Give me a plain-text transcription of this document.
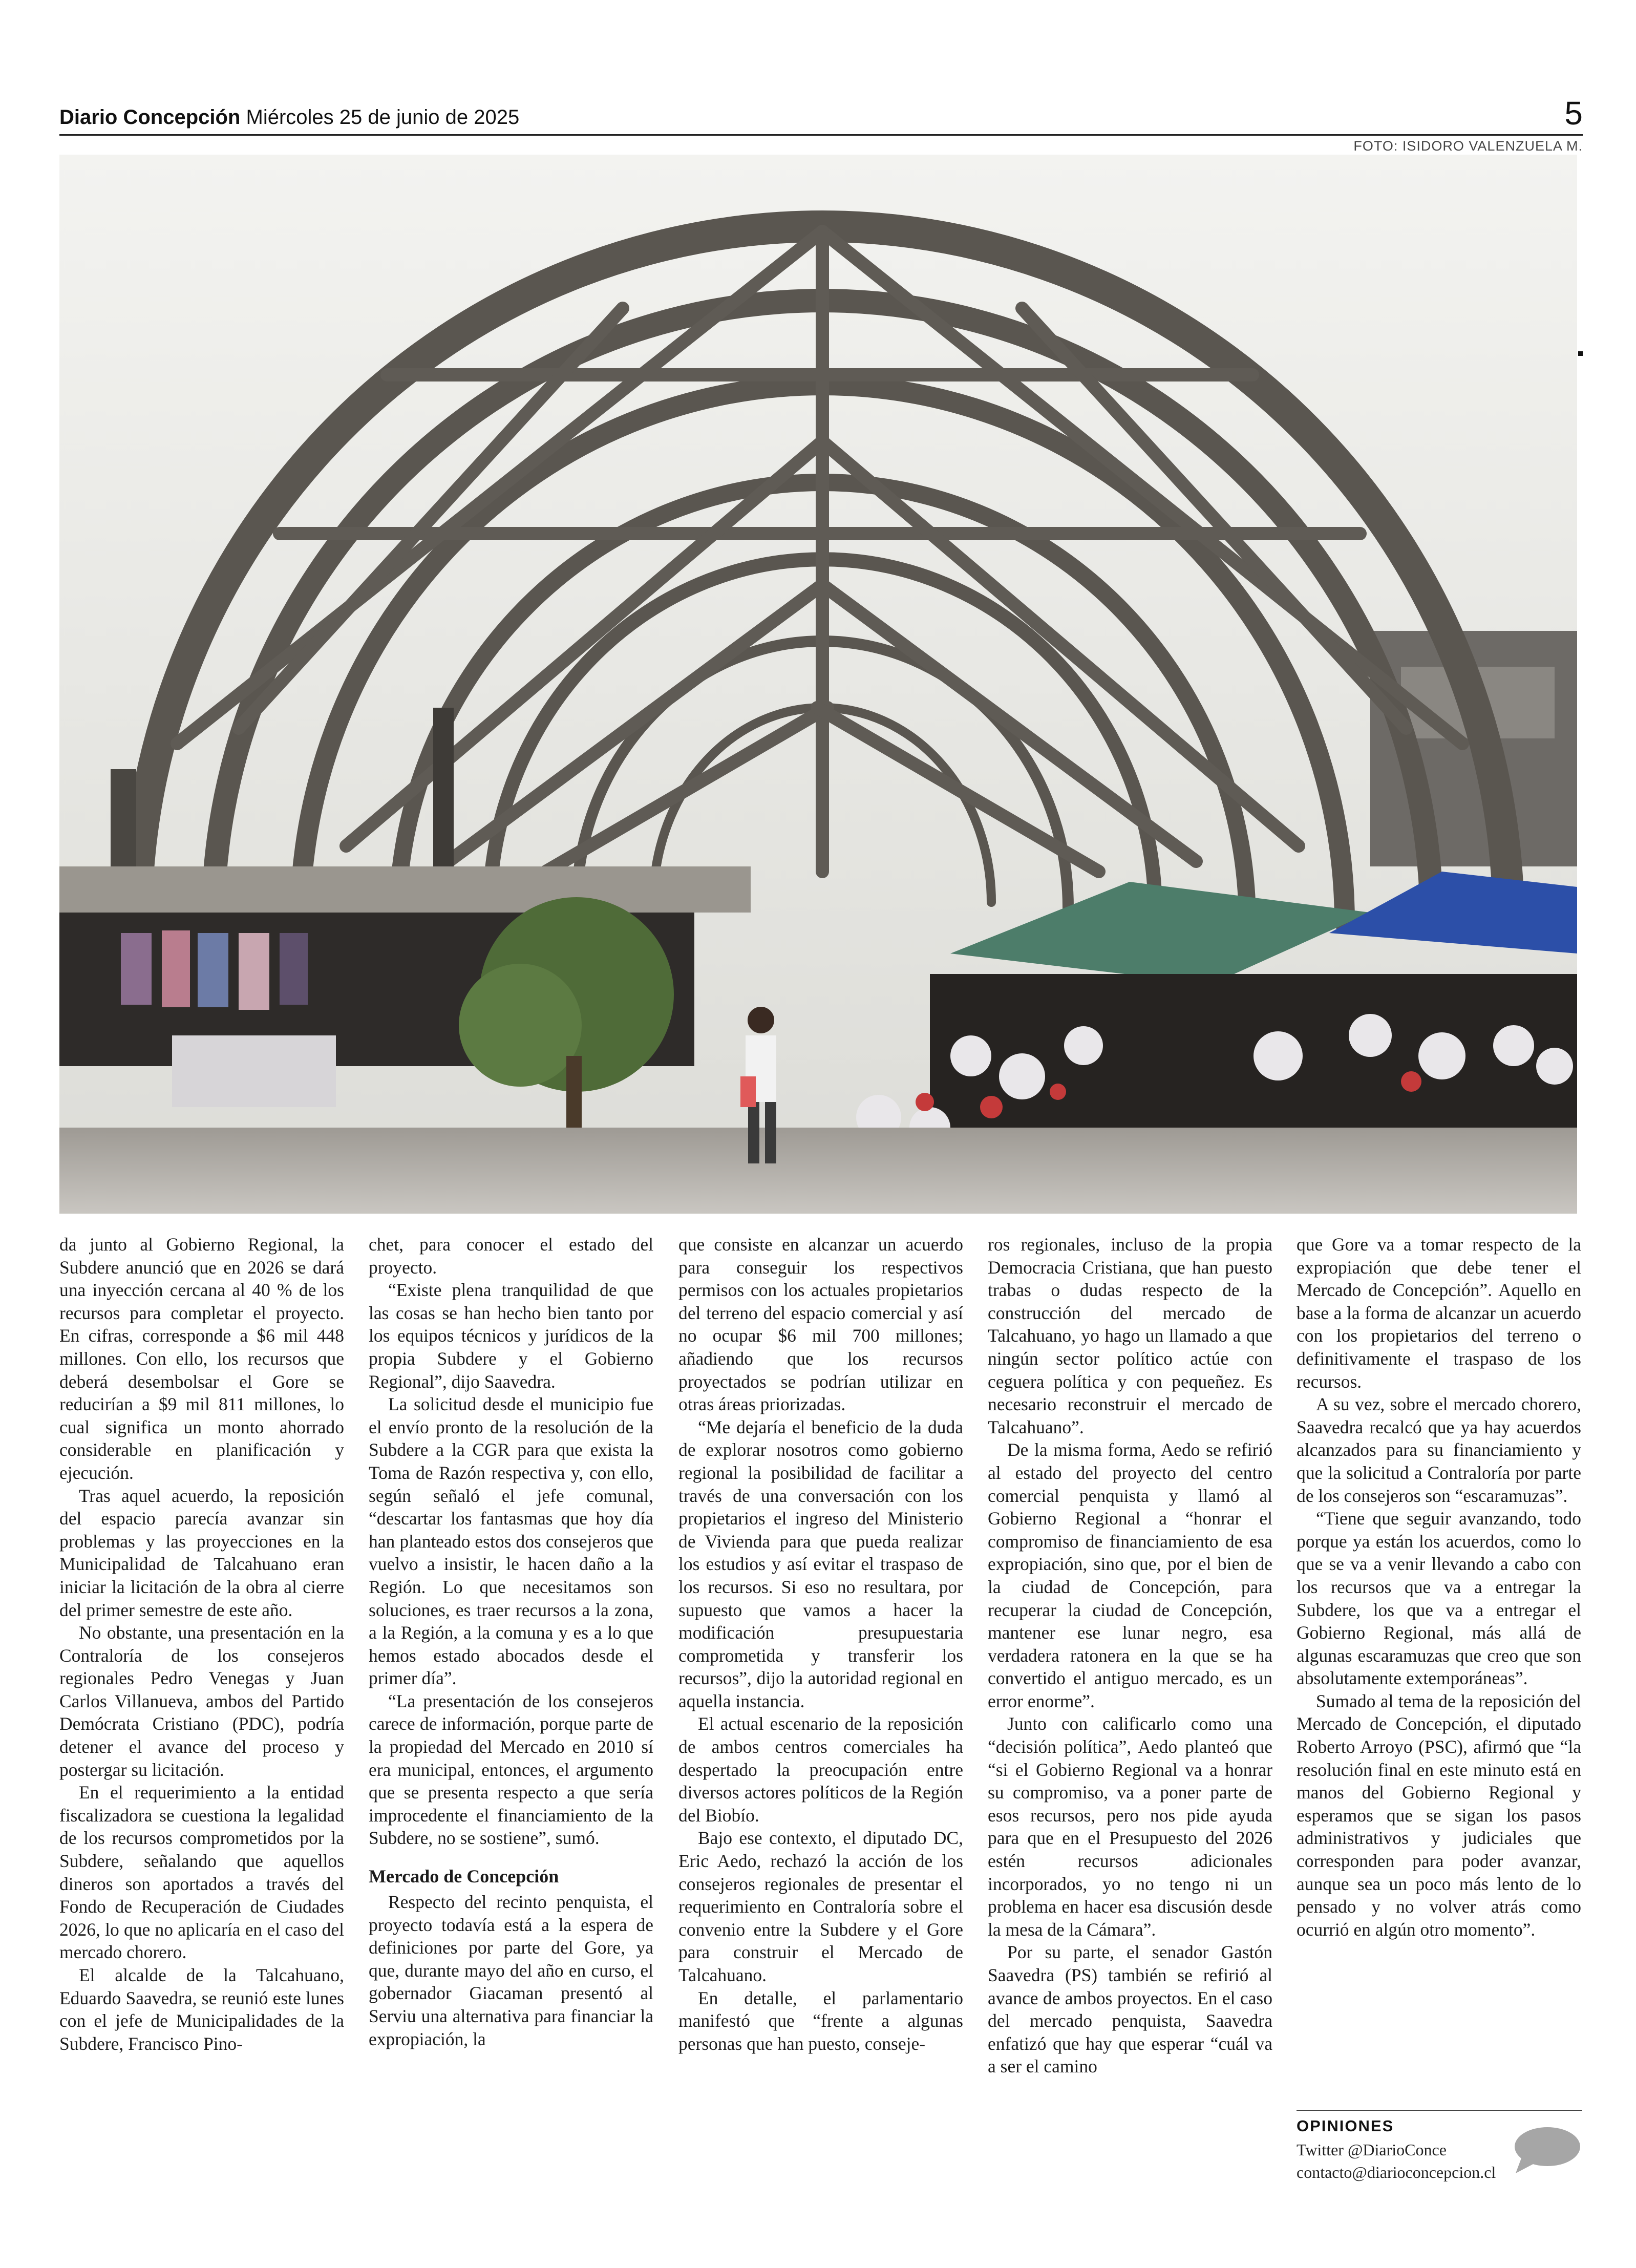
Diario Concepción Miércoles 25 de junio de 2025	5
FOTO: ISIDORO VALENZUELA M.

da junto al Gobierno Regional, la Subdere anunció que en 2026 se dará una inyección cercana al 40 % de los recursos para completar el proyecto. En cifras, corresponde a $6 mil 448 millones. Con ello, los recursos que deberá desembolsar el Gore se reducirían a $9 mil 811 millones, lo cual significa un monto ahorrado considerable en planificación y ejecución.

Tras aquel acuerdo, la reposición del espacio parecía avanzar sin problemas y las proyecciones en la Municipalidad de Talcahuano eran iniciar la licitación de la obra al cierre del primer semestre de este año.

No obstante, una presentación en la Contraloría de los consejeros regionales Pedro Venegas y Juan Carlos Villanueva, ambos del Partido Demócrata Cristiano (PDC), podría detener el avance del proceso y postergar su licitación.

En el requerimiento a la entidad fiscalizadora se cuestiona la legalidad de los recursos comprometidos por la Subdere, señalando que aquellos dineros son aportados a través del Fondo de Recuperación de Ciudades 2026, lo que no aplicaría en el caso del mercado chorero.

El alcalde de la Talcahuano, Eduardo Saavedra, se reunió este lunes con el jefe de Municipalidades de la Subdere, Francisco Pino-

chet, para conocer el estado del proyecto.

“Existe plena tranquilidad de que las cosas se han hecho bien tanto por los equipos técnicos y jurídicos de la propia Subdere y el Gobierno Regional”, dijo Saavedra.

La solicitud desde el municipio fue el envío pronto de la resolución de la Subdere a la CGR para que exista la Toma de Razón respectiva y, con ello, según señaló el jefe comunal, “descartar los fantasmas que hoy día han planteado estos dos consejeros que vuelvo a insistir, le hacen daño a la Región. Lo que necesitamos son soluciones, es traer recursos a la zona, a la Región, a la comuna y es a lo que hemos estado abocados desde el primer día”.

“La presentación de los consejeros carece de información, porque parte de la propiedad del Mercado en 2010 sí era municipal, entonces, el argumento que se presenta respecto a que sería improcedente el financiamiento de la Subdere, no se sostiene”, sumó.

Mercado de Concepción

Respecto del recinto penquista, el proyecto todavía está a la espera de definiciones por parte del Gore, ya que, durante mayo del año en curso, el gobernador Giacaman presentó al Serviu una alternativa para financiar la expropiación, la

que consiste en alcanzar un acuerdo para conseguir los respectivos permisos con los actuales propietarios del terreno del espacio comercial y así no ocupar $6 mil 700 millones; añadiendo que los recursos proyectados se podrían utilizar en otras áreas priorizadas.

“Me dejaría el beneficio de la duda de explorar nosotros como gobierno regional la posibilidad de facilitar a través de una conversación con los propietarios el ingreso del Ministerio de Vivienda para que pueda realizar los estudios y así evitar el traspaso de los recursos. Si eso no resultara, por supuesto que vamos a hacer la modificación presupuestaria comprometida y transferir los recursos”, dijo la autoridad regional en aquella instancia.

El actual escenario de la reposición de ambos centros comerciales ha despertado la preocupación entre diversos actores políticos de la Región del Biobío.

Bajo ese contexto, el diputado DC, Eric Aedo, rechazó la acción de los consejeros regionales de presentar el requerimiento en Contraloría sobre el convenio entre la Subdere y el Gore para construir el Mercado de Talcahuano.

En detalle, el parlamentario manifestó que “frente a algunas personas que han puesto, conseje-

ros regionales, incluso de la propia Democracia Cristiana, que han puesto trabas o dudas respecto de la construcción del mercado de Talcahuano, yo hago un llamado a que ningún sector político actúe con ceguera política y con pequeñez. Es necesario reconstruir el mercado de Talcahuano”.

De la misma forma, Aedo se refirió al estado del proyecto del centro comercial penquista y llamó al Gobierno Regional a “honrar el compromiso de financiamiento de esa expropiación, sino que, por el bien de la ciudad de Concepción, para recuperar la ciudad de Concepción, mantener ese lunar negro, esa verdadera ratonera en la que se ha convertido el antiguo mercado, es un error enorme”.

Junto con calificarlo como una “decisión política”, Aedo planteó que “si el Gobierno Regional va a honrar su compromiso, va a poner parte de esos recursos, pero nos pide ayuda para que en el Presupuesto del 2026 estén recursos adicionales incorporados, yo no tengo ni un problema en hacer esa discusión desde la mesa de la Cámara”.

Por su parte, el senador Gastón Saavedra (PS) también se refirió al avance de ambos proyectos. En el caso del mercado penquista, Saavedra enfatizó que hay que esperar “cuál va a ser el camino

que Gore va a tomar respecto de la expropiación que debe tener el Mercado de Concepción”. Aquello en base a la forma de alcanzar un acuerdo con los propietarios del terreno o definitivamente el traspaso de los recursos.

A su vez, sobre el mercado chorero, Saavedra recalcó que ya hay acuerdos alcanzados para su financiamiento y que la solicitud a Contraloría por parte de los consejeros son “escaramuzas”.

“Tiene que seguir avanzando, todo porque ya están los acuerdos, como lo que se va a venir llevando a cabo con los recursos que va a entregar la Subdere, los que va a entregar el Gobierno Regional, más allá de algunas escaramuzas que creo que son absolutamente extemporáneas”.

Sumado al tema de la reposición del Mercado de Concepción, el diputado Roberto Arroyo (PSC), afirmó que “la resolución final en este minuto está en manos del Gobierno Regional y esperamos que se sigan los pasos administrativos y judiciales que corresponden para poder avanzar, aunque sea un poco más lento de lo pensado y no volver atrás como ocurrió en algún otro momento”.

OPINIONES
Twitter @DiarioConce
contacto@diarioconcepcion.cl
